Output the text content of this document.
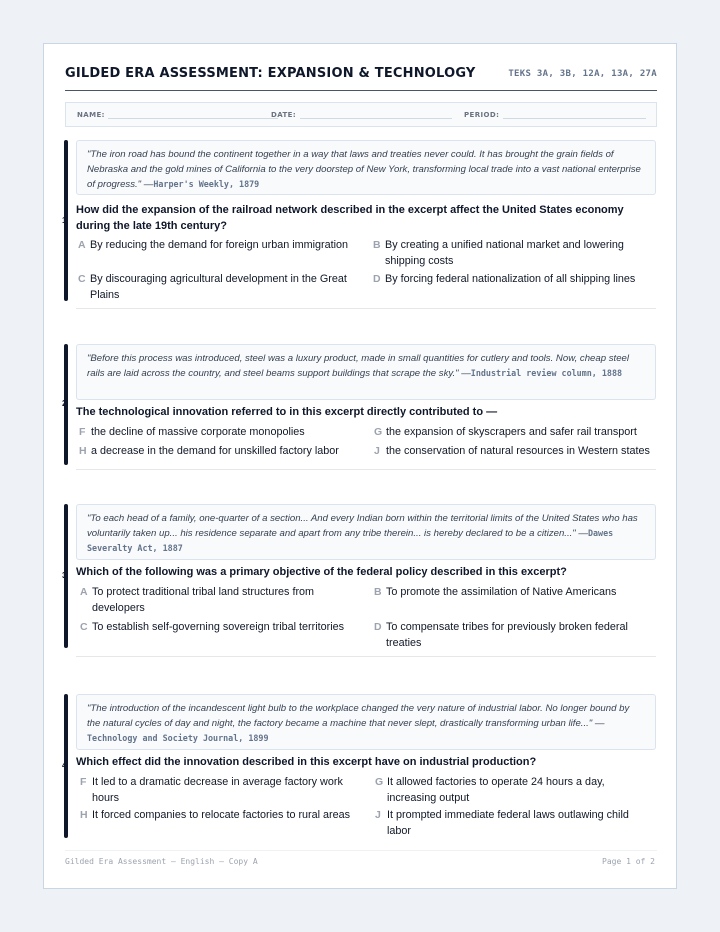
GILDED ERA ASSESSMENT: EXPANSION & TECHNOLOGY	TEKS 3A, 3B, 12A, 13A, 27A
NAME:	DATE:	PERIOD:
1
"The iron road has bound the continent together in a way that laws and treaties never could. It has brought the grain fields of Nebraska and the gold mines of California to the very doorstep of New York, transforming local trade into a vast national enterprise of progress." —Harper's Weekly, 1879
How did the expansion of the railroad network described in the excerpt affect the United States economy during the late 19th century?
A By reducing the demand for foreign urban immigration	B By creating a unified national market and lowering shipping costs
C By discouraging agricultural development in the Great Plains
D By forcing federal nationalization of all shipping lines
2
"Before this process was introduced, steel was a luxury product, made in small quantities for cutlery and tools. Now, cheap steel rails are laid across the country, and steel beams support buildings that scrape the sky." —Industrial review column, 1888
The technological innovation referred to in this excerpt directly contributed to —
F the decline of massive corporate monopolies	G the expansion of skyscrapers and safer rail transport
H a decrease in the demand for unskilled factory labor	J the conservation of natural resources in Western states
3
"To each head of a family, one-quarter of a section... And every Indian born within the territorial limits of the United States who has voluntarily taken up... his residence separate and apart from any tribe therein... is hereby declared to be a citizen..." —Dawes Severalty Act, 1887
Which of the following was a primary objective of the federal policy described in this excerpt?
A To protect traditional tribal land structures from developers
B To promote the assimilation of Native Americans
C To establish self-governing sovereign tribal territories	D To compensate tribes for previously broken federal treaties
4
"The introduction of the incandescent light bulb to the workplace changed the very nature of industrial labor. No longer bound by the natural cycles of day and night, the factory became a machine that never slept, drastically transforming urban life..." —Technology and Society Journal, 1899
Which effect did the innovation described in this excerpt have on industrial production?
F It led to a dramatic decrease in average factory work hours
G It allowed factories to operate 24 hours a day, increasing output
H It forced companies to relocate factories to rural areas	J It prompted immediate federal laws outlawing child labor
Gilded Era Assessment — English — Copy A	Page 1 of 2
